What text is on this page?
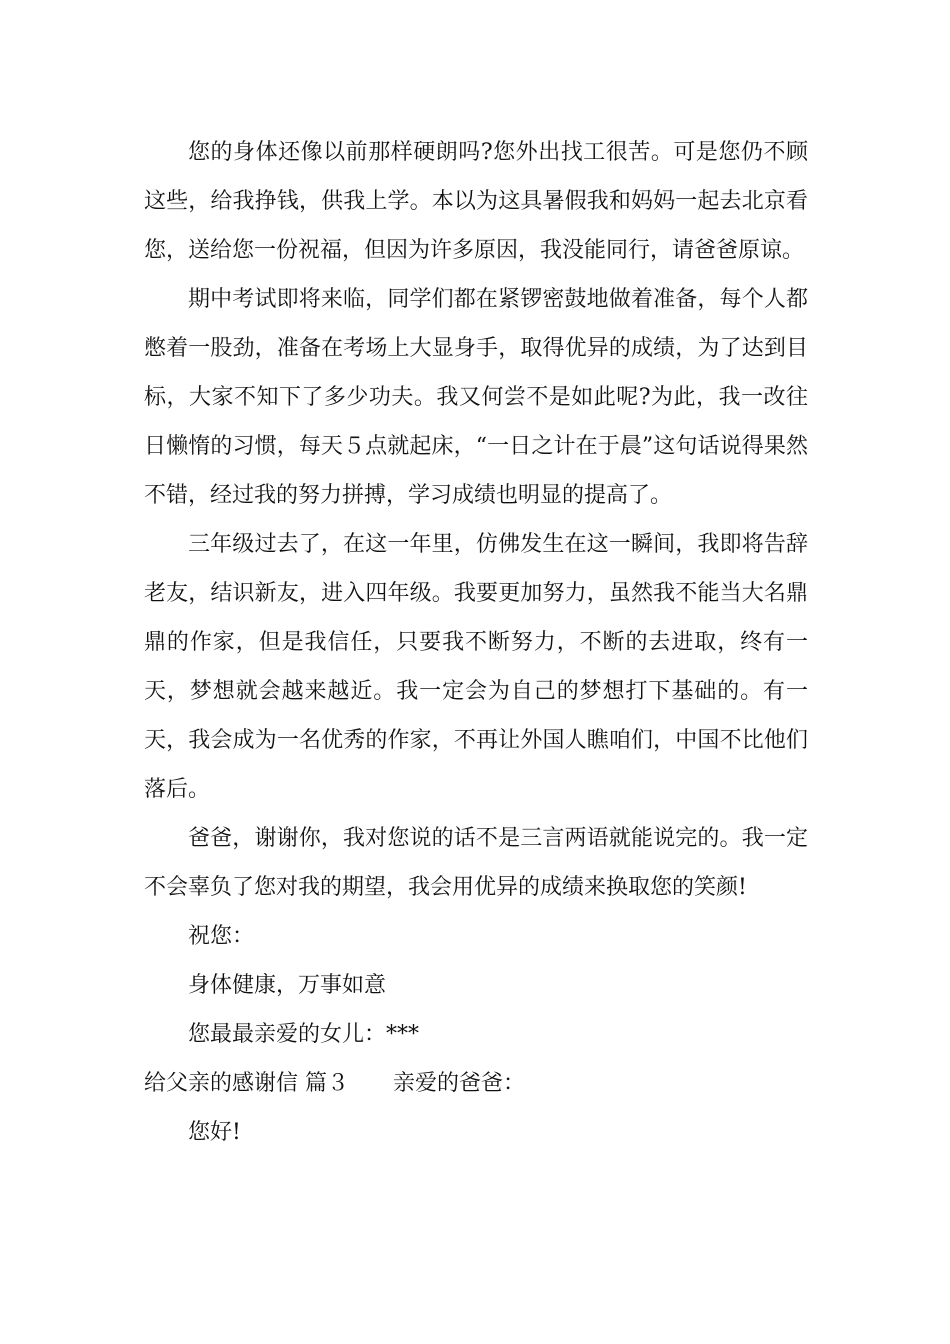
您的身体还像以前那样硬朗吗?您外出找工很苦。可是您仍不顾这些，给我挣钱，供我上学。本以为这具暑假我和妈妈一起去北京看您，送给您一份祝福，但因为许多原因，我没能同行，请爸爸原谅。

期中考试即将来临，同学们都在紧锣密鼓地做着准备，每个人都憋着一股劲，准备在考场上大显身手，取得优异的成绩，为了达到目标，大家不知下了多少功夫。我又何尝不是如此呢?为此，我一改往日懒惰的习惯，每天５点就起床，“一日之计在于晨”这句话说得果然不错，经过我的努力拼搏，学习成绩也明显的提高了。

三年级过去了，在这一年里，仿佛发生在这一瞬间，我即将告辞老友，结识新友，进入四年级。我要更加努力，虽然我不能当大名鼎鼎的作家，但是我信任，只要我不断努力，不断的去进取，终有一天，梦想就会越来越近。我一定会为自己的梦想打下基础的。有一天，我会成为一名优秀的作家，不再让外国人瞧咱们，中国不比他们落后。

爸爸，谢谢你，我对您说的话不是三言两语就能说完的。我一定不会辜负了您对我的期望，我会用优异的成绩来换取您的笑颜!

祝您：

身体健康，万事如意

您最最亲爱的女儿：***

给父亲的感谢信 篇３ 亲爱的爸爸：

您好!
